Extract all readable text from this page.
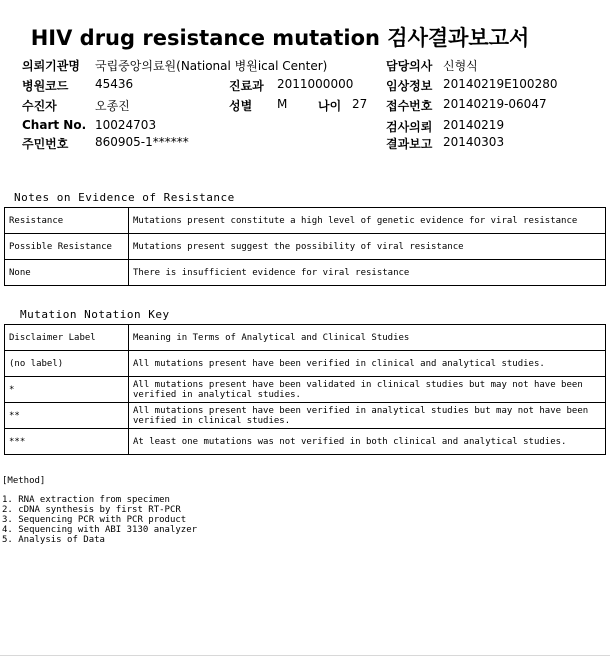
HIV drug resistance mutation 검사결과보고서
의뢰기관명 국립중앙의료원(National 병원ical Center)
병원코드 45436
수진자	오종진
Chart No. 10024703
주민번호 860905-1******
진료과 2011000000
성별 M	나이 27
담당의사 신형식
임상정보 20140219E100280
접수번호 20140219-06047
검사의뢰 20140219
결과보고 20140303
Notes on Evidence of Resistance
Resistance	Mutations present constitute a high level of genetic evidence for viral resistance
Possible Resistance	Mutations present suggest the possibility of viral resistance
None	There is insufficient evidence for viral resistance
Mutation Notation Key
Disclaimer Label	Meaning in Terms of Analytical and Clinical Studies
(no label)	All mutations present have been verified in clinical and analytical studies.
*	All mutations present have been validated in clinical studies but may not have been verified in analytical studies.
**	All mutations present have been verified in analytical studies but may not have been verified in clinical studies.
***	At least one mutations was not verified in both clinical and analytical studies.
[Method]
1. RNA extraction from specimen
2. cDNA synthesis by first RT-PCR
3. Sequencing PCR with PCR product
4. Sequencing with ABI 3130 analyzer
5. Analysis of Data
